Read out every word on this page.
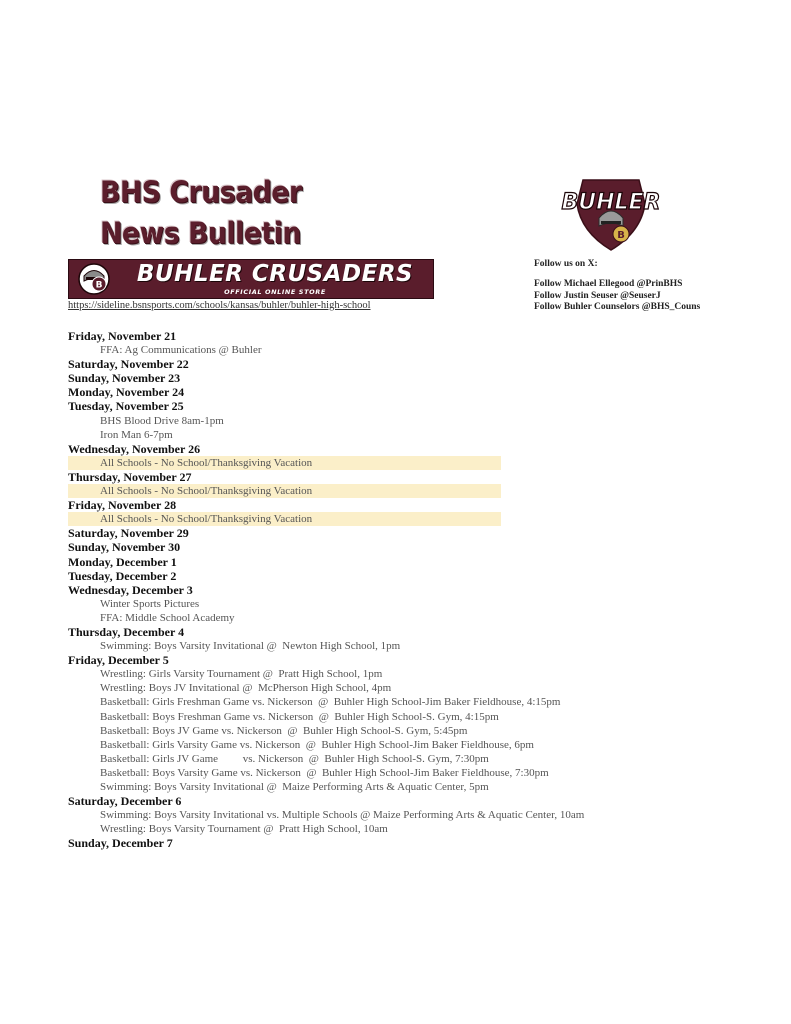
BHS Crusader
News Bulletin
B	BUHLER CRUSADERS
OFFICIAL ONLINE STORE
https://sideline.bsnsports.com/schools/kansas/buhler/buhler-high-school
B
BUHLER
Follow us on X:
Follow Michael Ellegood @PrinBHS
Follow Justin Seuser @SeuserJ
Follow Buhler Counselors @BHS_Couns
Friday, November 21
FFA: Ag Communications @ Buhler
Saturday, November 22
Sunday, November 23
Monday, November 24
Tuesday, November 25
BHS Blood Drive 8am-1pm
Iron Man 6-7pm
Wednesday, November 26
All Schools - No School/Thanksgiving Vacation
Thursday, November 27
All Schools - No School/Thanksgiving Vacation
Friday, November 28
All Schools - No School/Thanksgiving Vacation
Saturday, November 29
Sunday, November 30
Monday, December 1
Tuesday, December 2
Wednesday, December 3
Winter Sports Pictures
FFA: Middle School Academy
Thursday, December 4
Swimming: Boys Varsity Invitational @  Newton High School, 1pm
Friday, December 5
Wrestling: Girls Varsity Tournament @  Pratt High School, 1pm
Wrestling: Boys JV Invitational @  McPherson High School, 4pm
Basketball: Girls Freshman Game vs. Nickerson  @  Buhler High School-Jim Baker Fieldhouse, 4:15pm
Basketball: Boys Freshman Game vs. Nickerson  @  Buhler High School-S. Gym, 4:15pm
Basketball: Boys JV Game vs. Nickerson  @  Buhler High School-S. Gym, 5:45pm
Basketball: Girls Varsity Game vs. Nickerson  @  Buhler High School-Jim Baker Fieldhouse, 6pm
Basketball: Girls JV Game         vs. Nickerson  @  Buhler High School-S. Gym, 7:30pm
Basketball: Boys Varsity Game vs. Nickerson  @  Buhler High School-Jim Baker Fieldhouse, 7:30pm
Swimming: Boys Varsity Invitational @  Maize Performing Arts & Aquatic Center, 5pm
Saturday, December 6
Swimming: Boys Varsity Invitational vs. Multiple Schools @ Maize Performing Arts & Aquatic Center, 10am
Wrestling: Boys Varsity Tournament @  Pratt High School, 10am
Sunday, December 7
